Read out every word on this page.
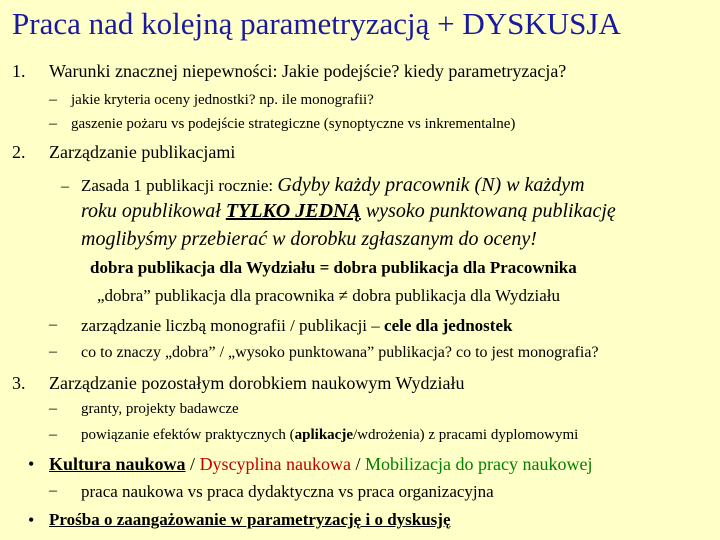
Praca nad kolejną parametryzacją + DYSKUSJA
1. Warunki znacznej niepewności: Jakie podejście? kiedy parametryzacja?
– jakie kryteria oceny jednostki? np. ile monografii?
– gaszenie pożaru vs podejście strategiczne (synoptyczne vs inkrementalne)
2. Zarządzanie publikacjami
– Zasada 1 publikacji rocznie: Gdyby każdy pracownik (N) w każdym
roku opublikował TYLKO JEDNĄ wysoko punktowaną publikację
moglibyśmy przebierać w dorobku zgłaszanym do oceny!
dobra publikacja dla Wydziału = dobra publikacja dla Pracownika
„dobra” publikacja dla pracownika ≠ dobra publikacja dla Wydziału
– zarządzanie liczbą monografii / publikacji – cele dla jednostek
– co to znaczy „dobra” / „wysoko punktowana” publikacja? co to jest monografia?
3. Zarządzanie pozostałym dorobkiem naukowym Wydziału
– granty, projekty badawcze
– powiązanie efektów praktycznych (aplikacje/wdrożenia) z pracami dyplomowymi
• Kultura naukowa / Dyscyplina naukowa / Mobilizacja do pracy naukowej
– praca naukowa vs praca dydaktyczna vs praca organizacyjna
• Prośba o zaangażowanie w parametryzację i o dyskusję
